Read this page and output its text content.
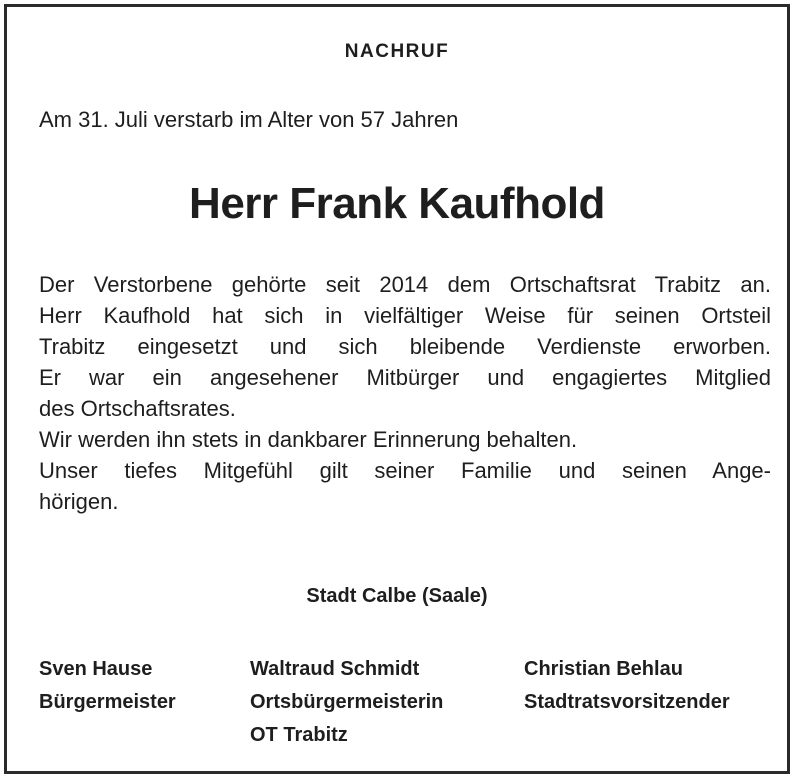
NACHRUF
Am 31. Juli verstarb im Alter von 57 Jahren
Herr Frank Kaufhold

Der Verstorbene gehörte seit 2014 dem Ortschaftsrat Trabitz an.

Herr Kaufhold hat sich in vielfältiger Weise für seinen Ortsteil

Trabitz eingesetzt und sich bleibende Verdienste erworben.

Er war ein angesehener Mitbürger und engagiertes Mitglied

des Ortschaftsrates.

Wir werden ihn stets in dankbarer Erinnerung behalten.

Unser tiefes Mitgefühl gilt seiner Familie und seinen Ange-

hörigen.

Stadt Calbe (Saale)
Sven Hause
Bürgermeister
Waltraud Schmidt
Ortsbürgermeisterin
OT Trabitz
Christian Behlau
Stadtratsvorsitzender
